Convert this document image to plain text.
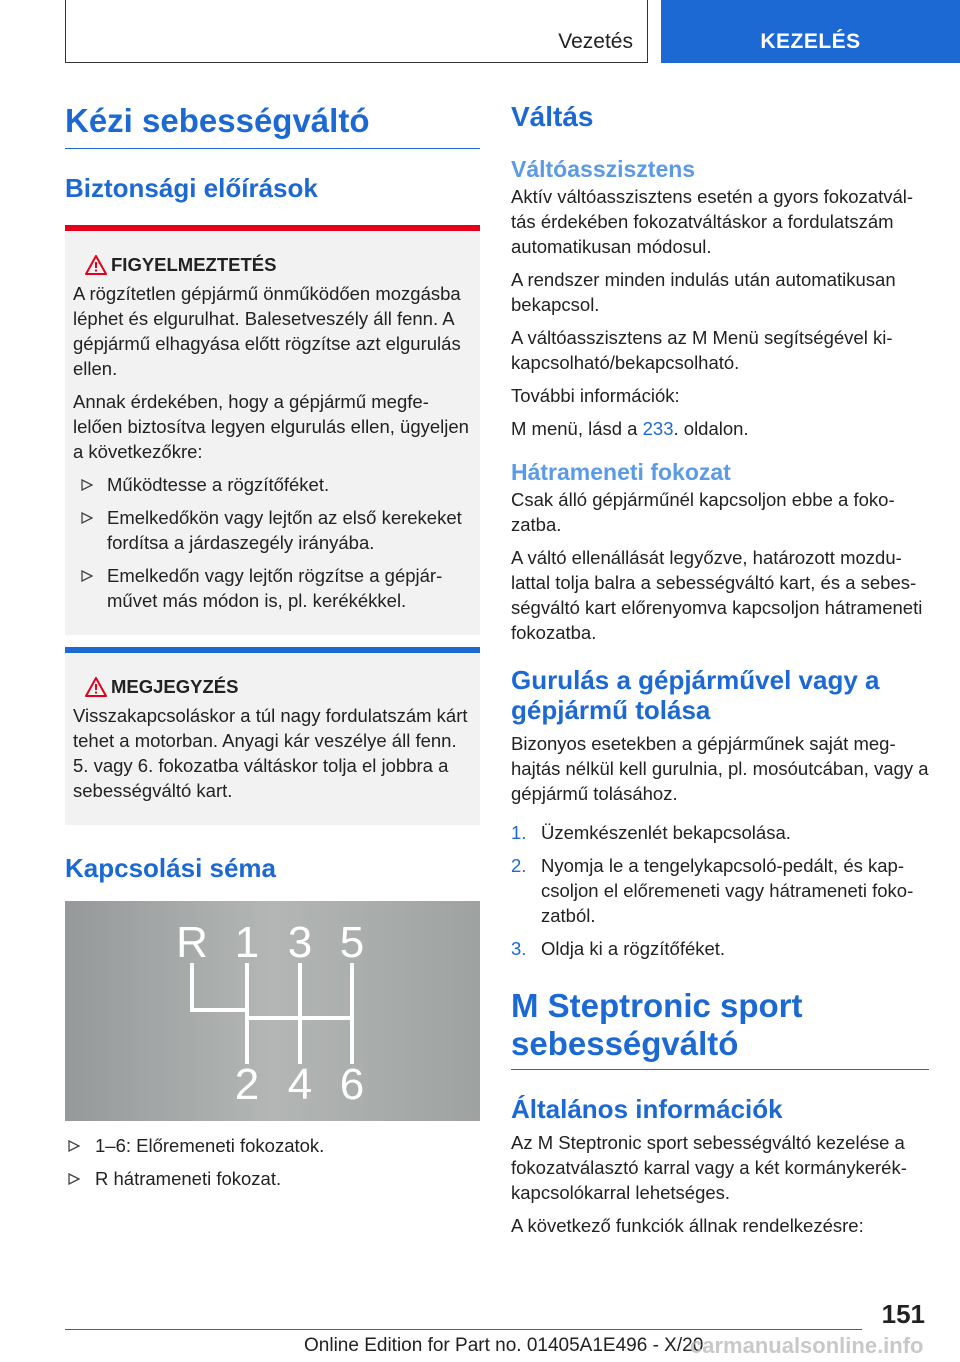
Vezetés	KEZELÉS
Kézi sebességváltó
Biztonsági előírások
FIGYELMEZTETÉS

A rögzítetlen gépjármű önműködően mozgásba léphet és elgurulhat. Balesetveszély áll fenn. A gépjármű elhagyása előtt rögzítse azt elgurulás ellen.

Annak érdekében, hogy a gépjármű megfelelően biztosítva legyen elgurulás ellen, ügyeljen a következőkre:

Működtesse a rögzítőféket.
Emelkedőkön vagy lejtőn az első kerekeket fordítsa a járdaszegély irányába.
Emelkedőn vagy lejtőn rögzítse a gépjárművet más módon is, pl. kerékékkel.
MEGJEGYZÉS

Visszakapcsoláskor a túl nagy fordulatszám kárt tehet a motorban. Anyagi kár veszélye áll fenn. 5. vagy 6. fokozatba váltáskor tolja el jobbra a sebességváltó kart.

Kapcsolási séma
R 1 3 5
2 4 6
1–6: Előremeneti fokozatok.
R hátrameneti fokozat.
Váltás
Váltóasszisztens

Aktív váltóasszisztens esetén a gyors fokozatváltás érdekében fokozatváltáskor a fordulatszám automatikusan módosul.

A rendszer minden indulás után automatikusan bekapcsol.

A váltóasszisztens az M Menü segítségével kikapcsolható/bekapcsolható.

További információk:

M menü, lásd a 233. oldalon.

Hátrameneti fokozat

Csak álló gépjárműnél kapcsoljon ebbe a fokozatba.

A váltó ellenállását legyőzve, határozott mozdulattal tolja balra a sebességváltó kart, és a sebességváltó kart előrenyomva kapcsoljon hátrameneti fokozatba.

Gurulás a gépjárművel vagy a gépjármű tolása

Bizonyos esetekben a gépjárműnek saját meghajtás nélkül kell gurulnia, pl. mosóutcában, vagy a gépjármű tolásához.

1. Üzemkészenlét bekapcsolása.
2. Nyomja le a tengelykapcsoló-pedált, és kapcsoljon el előremeneti vagy hátrameneti fokozatból.
3. Oldja ki a rögzítőféket.
M Steptronic sport sebességváltó
Általános információk

Az M Steptronic sport sebességváltó kezelése a fokozatválasztó karral vagy a két kormánykerékkapcsolókarral lehetséges.

A következő funkciók állnak rendelkezésre:

151
Online Edition for Part no. 01405A1E496 - X/20
carmanualsonline.info
